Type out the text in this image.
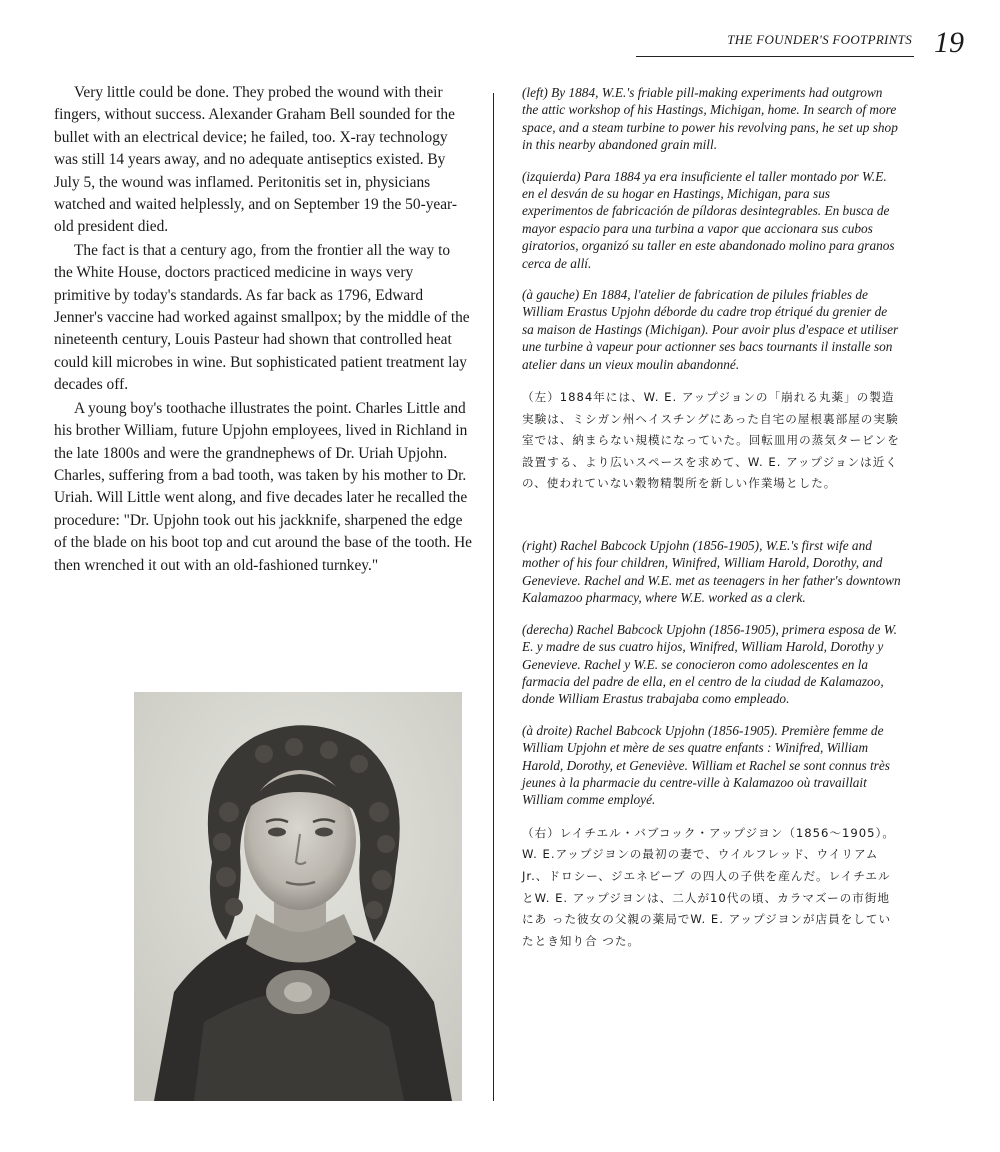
THE FOUNDER'S FOOTPRINTS 19

Very little could be done. They probed the wound with their fingers, without success. Alexander Graham Bell sounded for the bullet with an electrical device; he failed, too. X-ray technology was still 14 years away, and no adequate antiseptics existed. By July 5, the wound was inflamed. Peritonitis set in, physicians watched and waited helplessly, and on September 19 the 50-year-old president died.

The fact is that a century ago, from the frontier all the way to the White House, doctors practiced medicine in ways very primitive by today's standards. As far back as 1796, Edward Jenner's vaccine had worked against smallpox; by the middle of the nineteenth century, Louis Pasteur had shown that controlled heat could kill microbes in wine. But sophisticated patient treatment lay decades off.

A young boy's toothache illustrates the point. Charles Little and his brother William, future Upjohn employees, lived in Richland in the late 1800s and were the grandnephews of Dr. Uriah Upjohn. Charles, suffering from a bad tooth, was taken by his mother to Dr. Uriah. Will Little went along, and five decades later he recalled the procedure: "Dr. Upjohn took out his jackknife, sharpened the edge of the blade on his boot top and cut around the base of the tooth. He then wrenched it out with an old-fashioned turnkey."

(left) By 1884, W.E.'s friable pill-making experiments had outgrown the attic workshop of his Hastings, Michigan, home. In search of more space, and a steam turbine to power his revolving pans, he set up shop in this nearby abandoned grain mill.

(izquierda) Para 1884 ya era insuficiente el taller montado por W.E. en el desván de su hogar en Hastings, Michigan, para sus experimentos de fabricación de píldoras desintegrables. En busca de mayor espacio para una turbina a vapor que accionara sus cubos giratorios, organizó su taller en este abandonado molino para granos cerca de allí.

(à gauche) En 1884, l'atelier de fabrication de pilules friables de William Erastus Upjohn déborde du cadre trop étriqué du grenier de sa maison de Hastings (Michigan). Pour avoir plus d'espace et utiliser une turbine à vapeur pour actionner ses bacs tournants il installe son atelier dans un vieux moulin abandonné.

（左）1884年には、W. E. アップジョンの「崩れる丸薬」の製造実験は、ミシガン州ヘイスチングにあった自宅の屋根裏部屋の実験室では、納まらない規模になっていた。回転皿用の蒸気タービンを設置する、より広いスペースを求めて、W. E. アップジョンは近くの、使われていない穀物精製所を新しい作業場とした。

(right) Rachel Babcock Upjohn (1856-1905), W.E.'s first wife and mother of his four children, Winifred, William Harold, Dorothy, and Genevieve. Rachel and W.E. met as teenagers in her father's downtown Kalamazoo pharmacy, where W.E. worked as a clerk.

(derecha) Rachel Babcock Upjohn (1856-1905), primera esposa de W. E. y madre de sus cuatro hijos, Winifred, William Harold, Dorothy y Genevieve. Rachel y W.E. se conocieron como adolescentes en la farmacia del padre de ella, en el centro de la ciudad de Kalamazoo, donde William Erastus trabajaba como empleado.

(à droite) Rachel Babcock Upjohn (1856-1905). Première femme de William Upjohn et mère de ses quatre enfants : Winifred, William Harold, Dorothy, et Geneviève. William et Rachel se sont connus très jeunes à la pharmacie du centre-ville à Kalamazoo où travaillait William comme employé.

（右）レイチエル・バブコック・アップジヨン（1856〜1905）。W. E.アップジヨンの最初の妻で、ウイルフレッド、ウイリアムJr.、ドロシー、ジエネビーブ の四人の子供を産んだ。レイチエルとW. E. アップジヨンは、二人が10代の頃、カラマズーの市街地にあ った彼女の父親の薬局でW. E. アップジヨンが店員をしていたとき知り合 つた。
